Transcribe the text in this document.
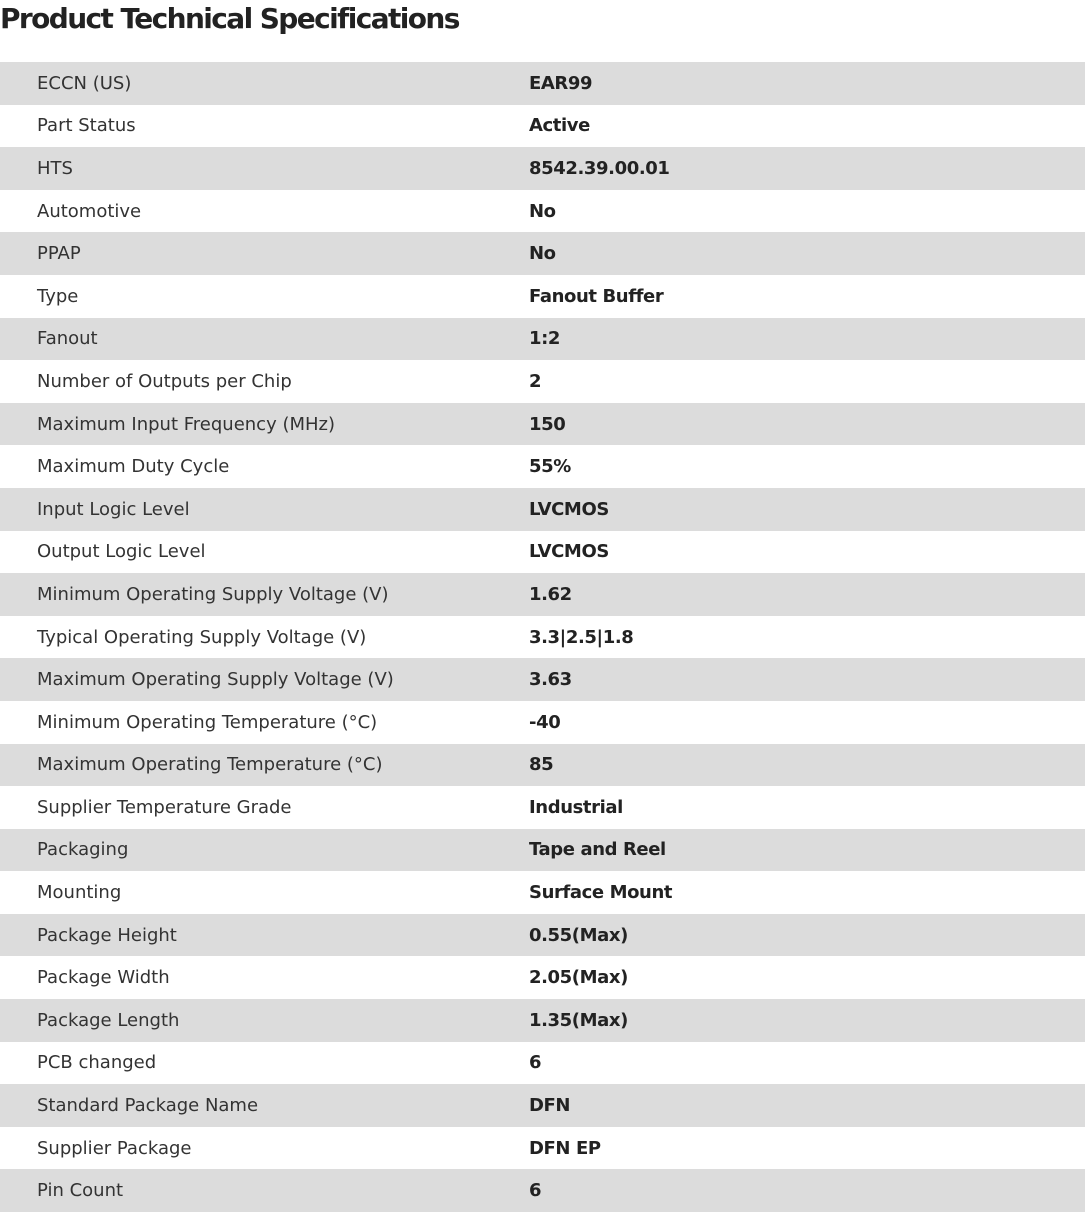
Product Technical Specifications
ECCN (US)	EAR99
Part Status	Active
HTS	8542.39.00.01
Automotive	No
PPAP	No
Type	Fanout Buffer
Fanout	1:2
Number of Outputs per Chip	2
Maximum Input Frequency (MHz)	150
Maximum Duty Cycle	55%
Input Logic Level	LVCMOS
Output Logic Level	LVCMOS
Minimum Operating Supply Voltage (V)	1.62
Typical Operating Supply Voltage (V)	3.3|2.5|1.8
Maximum Operating Supply Voltage (V)	3.63
Minimum Operating Temperature (°C)	-40
Maximum Operating Temperature (°C)	85
Supplier Temperature Grade	Industrial
Packaging	Tape and Reel
Mounting	Surface Mount
Package Height	0.55(Max)
Package Width	2.05(Max)
Package Length	1.35(Max)
PCB changed	6
Standard Package Name	DFN
Supplier Package	DFN EP
Pin Count	6
